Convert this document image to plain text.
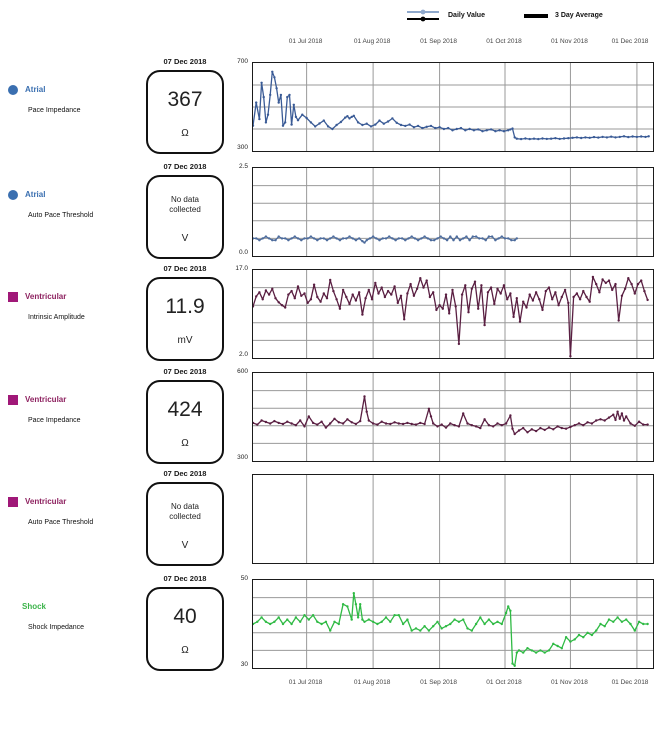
Daily Value	3 Day Average
01 Jul 2018	01 Aug 2018	01 Sep 2018	01 Oct 2018	01 Nov 2018	01 Dec 2018
Atrial
Pace Impedance
07 Dec 2018
367
Ω
700
300
Atrial
Auto Pace Threshold
07 Dec 2018
No data collected
V
2.5
0.0
Ventricular
Intrinsic Amplitude
07 Dec 2018
11.9
mV
17.0
2.0
Ventricular
Pace Impedance
07 Dec 2018
424
Ω
600
300
Ventricular
Auto Pace Threshold
07 Dec 2018
No data collected
V
Shock
Shock Impedance
07 Dec 2018
40
Ω
50
30
01 Jul 2018	01 Aug 2018	01 Sep 2018	01 Oct 2018	01 Nov 2018	01 Dec 2018
